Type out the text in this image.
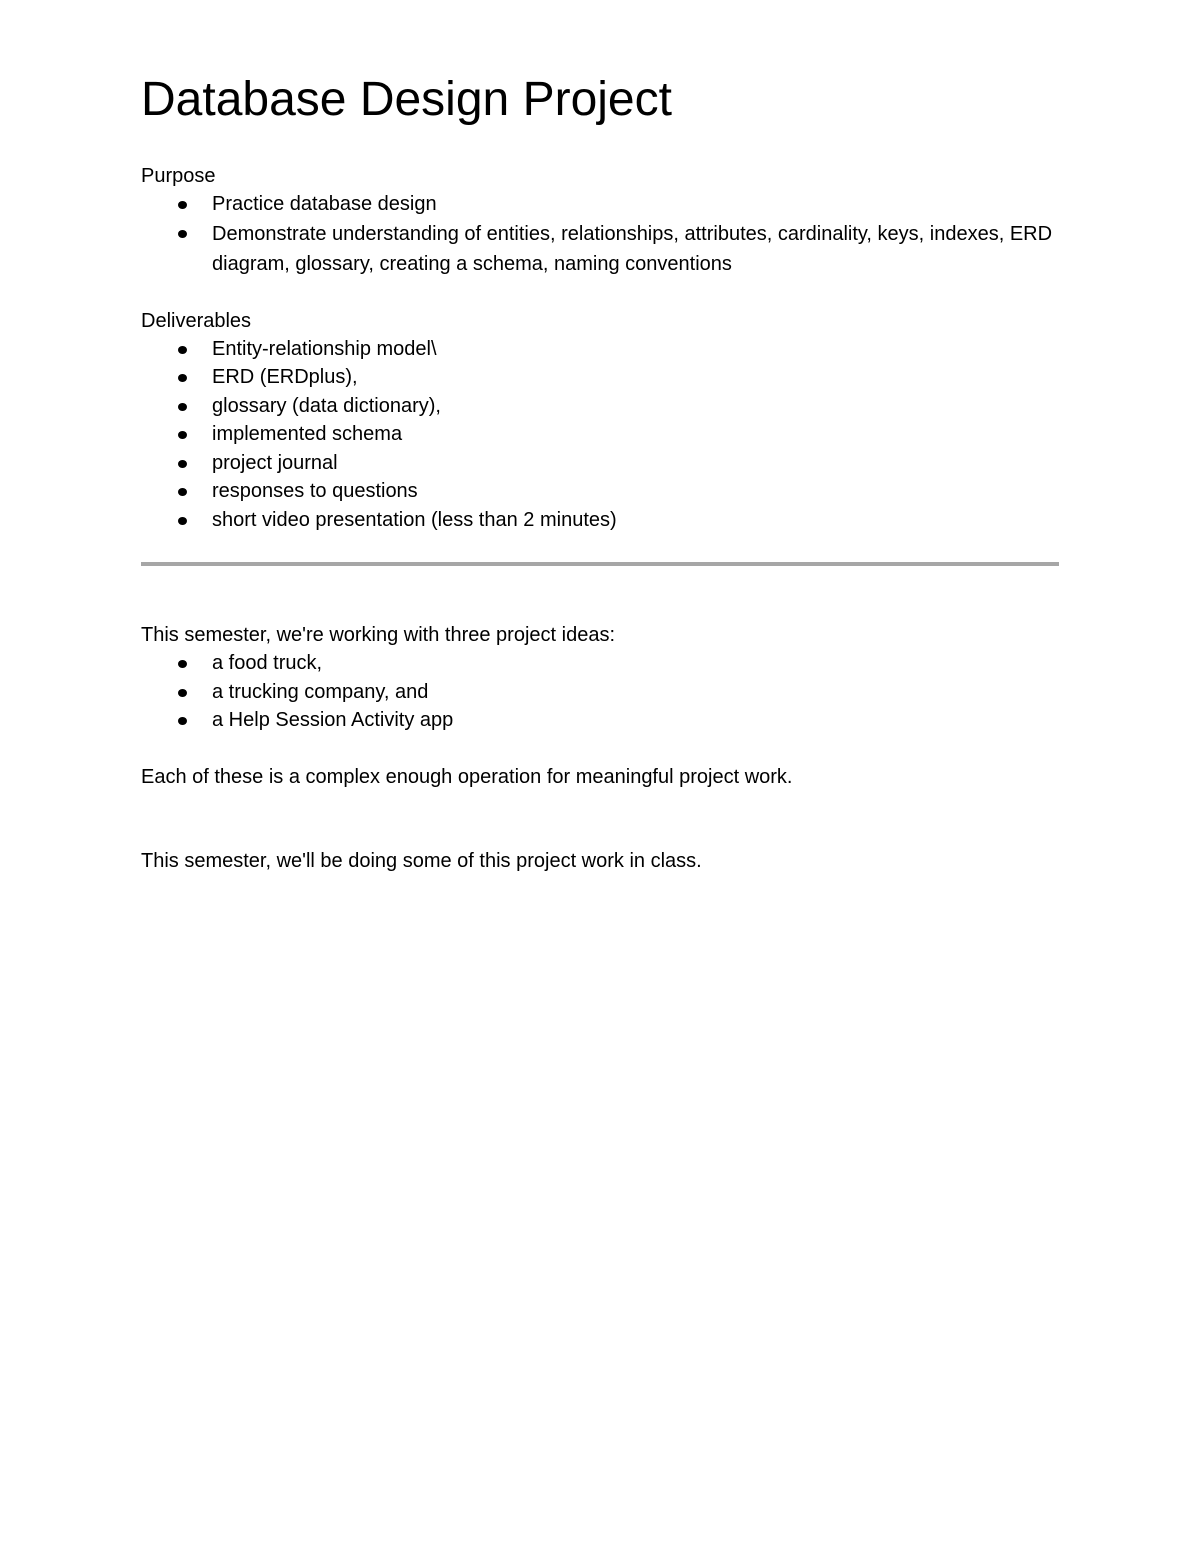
Database Design Project
Purpose
Practice database design
Demonstrate understanding of entities, relationships, attributes, cardinality, keys, indexes, ERD diagram, glossary, creating a schema, naming conventions
Deliverables
Entity-relationship model\
ERD (ERDplus),
glossary (data dictionary),
implemented schema
project journal
responses to questions
short video presentation (less than 2 minutes)
This semester, we're working with three project ideas:
a food truck,
a trucking company, and
a Help Session Activity app
Each of these is a complex enough operation for meaningful project work.
This semester, we'll be doing some of this project work in class.
